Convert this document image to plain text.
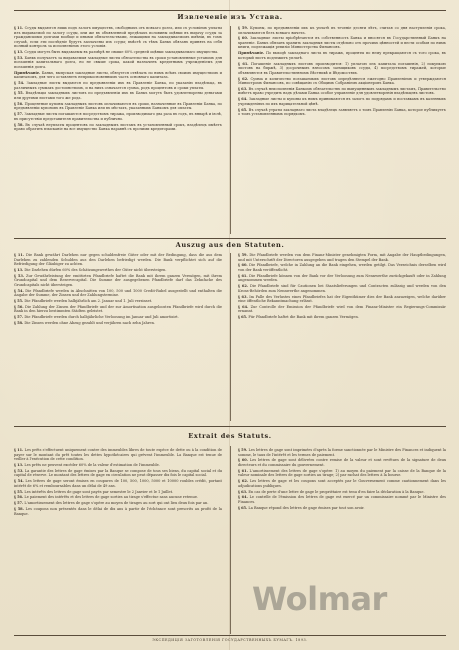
Извлеченіе изъ Устава.

§ 11. Ссуды выдаются лишь подъ залогъ имуществъ, свободныхъ отъ всякаго долга, или съ условіемъ уплаты изъ выдаваемой по залогу ссуды, или же въ объявленной предѣлахъ половины оцѣнки въ выдачу ссуды за гражданскими долгами вообще и иными обязательствами, лежащими на закладываемомъ имѣніи, въ томъ случаѣ, если эти послѣдніе будутъ заплачены изъ ссуды; вмѣстѣ съ тѣмъ Банкъ обязанъ принять на себя полный контроль за исполненіемъ этого условія.

§ 13. Ссуды могутъ быть выдаваемы въ размѣрѣ не свыше 60% средней оцѣнки закладываемаго имущества.

§ 53. Банкъ получаетъ за выдаваемыя закладные листы обязательства въ сроки установленные уставомъ для погашенія капитальнаго долга, но не свыше срока, какой назначенъ кредитнымъ учрежденіемъ для погашенія долга.

Примѣчаніе. Банкъ, выпуская закладные листы, обязуется отвѣчать по нимъ всѣмъ своимъ имуществомъ и капиталомъ, для чего оставляетъ неприкосновеннымъ часть основнаго капитала.

§ 54. Закладные листы выдаются по предъявленіи ихъ въ Правленіе Банка, по указанію владѣльца, въ различныхъ суммахъ достоинствомъ, и на нихъ означается сумма, родъ процентовъ и сроки уплаты.

§ 55. Владѣльцы закладныхъ листовъ по предъявленіи ихъ въ Банкъ могутъ быть удовлетворены деньгами или другими листами того же рода.

§ 56. Процентные купоны закладныхъ листовъ оплачиваются въ сроки, назначенные въ Правленіи Банка, по предъявленіи купоновъ въ Правленіе Банка или въ мѣстахъ, указанныхъ Банкомъ для оплаты.

§ 57. Закладные листы погашаются посредствомъ тиража, производимаго два раза въ годъ, въ январѣ и іюлѣ, въ присутствіи представителя правительства и публично.

§ 58. Въ случаѣ неуплаты процентовъ по закладнымъ листамъ въ установленный срокъ, владѣлецъ имѣетъ право обратить взысканіе на все имущество Банка наравнѣ съ прочими кредиторами.

§ 59. Купоны, по предъявленіи ихъ къ уплатѣ въ теченіе десяти лѣтъ, считая со дня наступленія срока, оплачиваются безъ всякаго вычета.

§ 60. Закладные листы пріобрѣтаются въ собственность Банка и вносятся въ Государственный Банкъ на храненіе. Банкъ обязанъ хранить закладныя листы отдѣльно отъ прочихъ цѣнностей и вести особыя по нимъ книги, подлежащія ревизіи Министерства Финансовъ.

Примѣчаніе. По выходѣ закладнаго листа въ тиражъ, проценты по нему прекращаются съ того срока, въ который листъ подлежитъ уплатѣ.

§ 61. Погашеніе закладныхъ листовъ производится: 1) уплатою изъ капитала погашенія, 2) покупкою листовъ на биржѣ, 3) досрочнымъ взносомъ заемщиковъ ссуды, 4) посредствомъ тиражей, которые объявляются въ Правительственномъ Вѣстникѣ и Вѣдомостяхъ.

§ 62. Сумма и количество погашаемыхъ листовъ опредѣляются ежегодно Правленіемъ и утверждаются Министромъ Финансовъ, по совѣщанію съ Общимъ Собраніемъ акціонеровъ Банка.

§ 63. Въ случаѣ неисполненія Банкомъ обязательствъ по выпущеннымъ закладнымъ листамъ, Правительство имѣетъ право учредить надъ дѣлами Банка особое управленіе для удовлетворенія владѣльцевъ листовъ.

§ 64. Закладные листы и купоны къ нимъ принимаются въ залогъ по подрядамъ и поставкамъ въ казенныхъ учрежденіяхъ по ихъ нарицательной цѣнѣ.

§ 65. Въ случаѣ утраты закладнаго листа владѣлецъ заявляетъ о томъ Правленію Банка, которое публикуетъ о томъ установленнымъ порядкомъ.

Auszug aus den Statuten.

§ 11. Die Bank gewährt Darlehen nur gegen schuldenfreie Güter oder mit der Bedingung, dass die aus dem Darlehen zu zahlenden Schulden aus den Darlehen befriedigt werden. Die Bank verpflichtet sich auf die Befriedigung der Gläubiger zu achten.

§ 13. Die Darlehen dürfen 60% des Schätzungswerthes der Güter nicht übersteigen.

§ 53. Zur Gewährleistung der emittirten Pfandbriefe haftet die Bank mit ihrem ganzen Vermögen, mit ihrem Grundcapital und dem Reservecapital. Die Summe der ausgegebenen Pfandbriefe darf das Zehnfache des Grundcapitals nicht übersteigen.

§ 54. Die Pfandbriefe werden in Abschnitten von 100, 500 und 1000 Credit-Rubel ausgestellt und enthalten die Angabe der Summe, der Zinsen und der Zahlungstermine.

§ 55. Die Pfandbriefe werden halbjährlich am 2. Januar und 1. Juli verzinset.

§ 56. Die Zahlung der Zinsen der Pfandbriefe und der zur Amortisation ausgeloosten Pfandbriefe wird durch die Bank in den hierzu bestimmten Städten geleistet.

§ 57. Die Pfandbriefe werden durch halbjährliche Verloosung im Januar und Juli amortisirt.

§ 58. Die Zinsen werden ohne Abzug gezahlt und verjähren nach zehn Jahren.

§ 59. Die Pfandbriefe werden von dem Finanz-Minister genehmigten Form, mit Angabe der Hauptbedingungen, und mit Unterschrift der Directoren ausgegeben und tragen den Stempel der Bank.

§ 60. Die Pfandbriefe, welche in Zahlung an die Bank eingehen, werden getilgt. Das Verzeichnis derselben wird von der Bank veröffentlicht.

§ 61. Die Pfandbriefe können von der Bank vor der Verloosung zum Nennwerthe zurückgekauft oder in Zahlung angenommen werden.

§ 62. Die Pfandbriefe sind für Cautionen bei Staatslieferungen und Contracten zulässig und werden von den Krons-Behörden zum Nennwerthe angenommen.

§ 63. Im Falle des Verlustes eines Pfandbriefes hat der Eigenthümer dies der Bank anzuzeigen, welche darüber eine öffentliche Bekanntmachung erlässt.

§ 64. Zur Controlle der Emission der Pfandbriefe wird von dem Finanz-Minister ein Regierungs-Commissär ernannt.

§ 65. Für Pfandbriefe haftet die Bank mit ihrem ganzen Vermögen.

Extrait des Statuts.

§ 11. Les prêts s'effectuent uniquement contre des immeubles libres de toute espèce de dette ou à la condition de payer sur le montant du prêt toutes les dettes hypothécaires qui grèvent l'immeuble. La Banque est tenue de veiller à l'exécution de cette condition.

§ 13. Les prêts ne peuvent excéder 60% de la valeur d'estimation de l'immeuble.

§ 53. La garantie des lettres de gage émises par la Banque se compose de tous ses biens, du capital social et du capital de réserve. Le montant des lettres de gage en circulation ne peut dépasser dix fois le capital social.

§ 54. Les lettres de gage seront émises en coupures de 100, 500, 1000, 5000 et 10000 roubles crédit, portant intérêt de 6% et remboursables dans un délai de 49 ans.

§ 55. Les intérêts des lettres de gage sont payés par semestre le 2 Janvier et le 1 Juillet.

§ 56. Le paiement des intérêts et des lettres de gage sorties au tirage s'effectue sans aucune retenue.

§ 57. L'amortissement des lettres de gage s'opère au moyen de tirages au sort qui ont lieu deux fois par an.

§ 58. Les coupons non présentés dans le délai de dix ans à partir de l'échéance sont prescrits au profit de la Banque.

§ 59. Les lettres de gage sont imprimées d'après la forme sanctionnée par le Ministre des Finances et indiquent la somme, le taux de l'intérêt et les termes de paiement.

§ 60. Les lettres de gage sont délivrées contre remise de la valeur et sont revêtues de la signature de deux directeurs et du commissaire du gouvernement.

§ 61. L'amortissement des lettres de gage s'opère: 1) au moyen du paiement par la caisse de la Banque de la valeur nominale des lettres de gage sorties au tirage; 2) par rachat des lettres à la bourse.

§ 62. Les lettres de gage et les coupons sont acceptés par le Gouvernement comme cautionnement dans les adjudications publiques.

§ 63. En cas de perte d'une lettre de gage le propriétaire est tenu d'en faire la déclaration à la Banque.

§ 64. Le contrôle de l'émission des lettres de gage est exercé par un commissaire nommé par le Ministre des Finances.

§ 65. La Banque répond des lettres de gage émises par tout son avoir.

ЭКСПЕДИЦІЯ ЗАГОТОВЛЕНІЯ ГОСУДАРСТВЕННЫХЪ БУМАГЪ. 1893.
Wolmar
